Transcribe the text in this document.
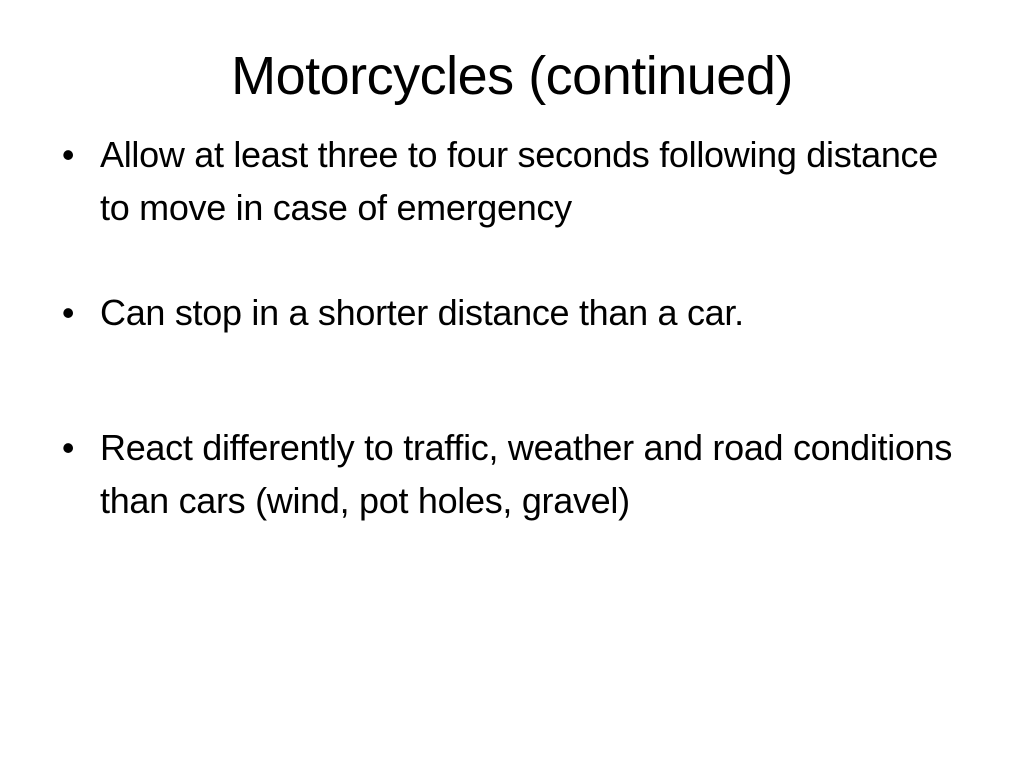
Motorcycles (continued)
• Allow at least three to four seconds following distance to move in case of emergency
• Can stop in a shorter distance than a car.
• React differently to traffic, weather and road conditions than cars (wind, pot holes, gravel)
